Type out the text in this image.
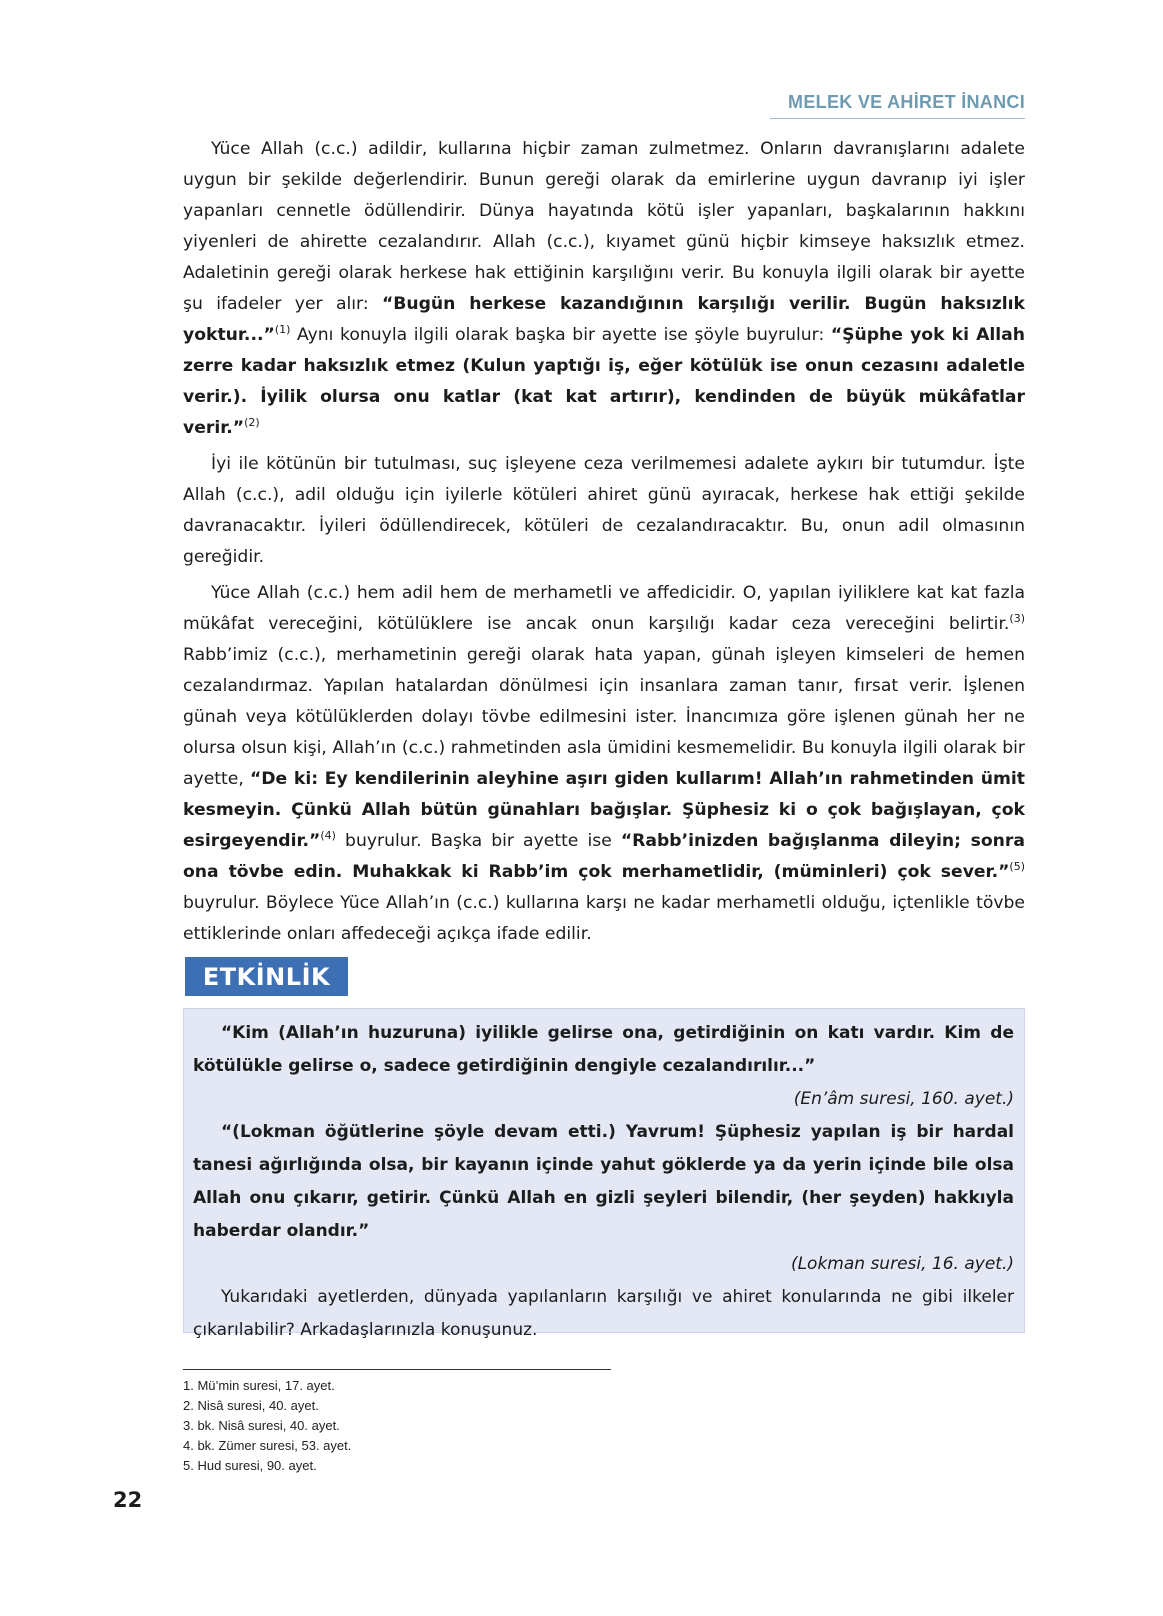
MELEK VE AHİRET İNANCI

Yüce Allah (c.c.) adildir, kullarına hiçbir zaman zulmetmez. Onların davranışlarını adalete uygun bir şekilde değerlendirir. Bunun gereği olarak da emirlerine uygun davranıp iyi işler yapanları cennetle ödüllendirir. Dünya hayatında kötü işler yapanları, başkalarının hakkını yiyenleri de ahirette cezalandırır. Allah (c.c.), kıyamet günü hiçbir kimseye haksızlık etmez. Adaletinin gereği olarak herkese hak ettiğinin karşılığını verir. Bu konuyla ilgili olarak bir ayette şu ifadeler yer alır: “Bugün herkese kazandığının karşılığı verilir. Bugün haksızlık yoktur...”$^{(1)}$ Aynı konuyla ilgili olarak başka bir ayette ise şöyle buyrulur: “Şüphe yok ki Allah zerre kadar haksızlık etmez (Kulun yaptığı iş, eğer kötülük ise onun cezasını adaletle verir.). İyilik olursa onu katlar (kat kat artırır), kendinden de büyük mükâfatlar verir.”$^{(2)}$

İyi ile kötünün bir tutulması, suç işleyene ceza verilmemesi adalete aykırı bir tutumdur. İşte Allah (c.c.), adil olduğu için iyilerle kötüleri ahiret günü ayıracak, herkese hak ettiği şekilde davranacaktır. İyileri ödüllendirecek, kötüleri de cezalandıracaktır. Bu, onun adil olmasının gereğidir.

Yüce Allah (c.c.) hem adil hem de merhametli ve affedicidir. O, yapılan iyiliklere kat kat fazla mükâfat vereceğini, kötülüklere ise ancak onun karşılığı kadar ceza vereceğini belirtir.$^{(3)}$ Rabb’imiz (c.c.), merhametinin gereği olarak hata yapan, günah işleyen kimseleri de hemen cezalandırmaz. Yapılan hatalardan dönülmesi için insanlara zaman tanır, fırsat verir. İşlenen günah veya kötülüklerden dolayı tövbe edilmesini ister. İnancımıza göre işlenen günah her ne olursa olsun kişi, Allah’ın (c.c.) rahmetinden asla ümidini kesmemelidir. Bu konuyla ilgili olarak bir ayette, “De ki: Ey kendilerinin aleyhine aşırı giden kullarım! Allah’ın rahmetinden ümit kesmeyin. Çünkü Allah bütün günahları bağışlar. Şüphesiz ki o çok bağışlayan, çok esirgeyendir.”$^{(4)}$ buyrulur. Başka bir ayette ise “Rabb’inizden bağışlanma dileyin; sonra ona tövbe edin. Muhakkak ki Rabb’im çok merhametlidir, (müminleri) çok sever.”$^{(5)}$ buyrulur. Böylece Yüce Allah’ın (c.c.) kullarına karşı ne kadar merhametli olduğu, içtenlikle tövbe ettiklerinde onları affedeceği açıkça ifade edilir.

ETKİNLİK

“Kim (Allah’ın huzuruna) iyilikle gelirse ona, getirdiğinin on katı vardır. Kim de kötülükle gelirse o, sadece getirdiğinin dengiyle cezalandırılır...”

(En’âm suresi, 160. ayet.)

“(Lokman öğütlerine şöyle devam etti.) Yavrum! Şüphesiz yapılan iş bir hardal tanesi ağırlığında olsa, bir kayanın içinde yahut göklerde ya da yerin içinde bile olsa Allah onu çıkarır, getirir. Çünkü Allah en gizli şeyleri bilendir, (her şeyden) hakkıyla haberdar olandır.”

(Lokman suresi, 16. ayet.)

Yukarıdaki ayetlerden, dünyada yapılanların karşılığı ve ahiret konularında ne gibi ilkeler çıkarılabilir? Arkadaşlarınızla konuşunuz.

1. Mü’min suresi, 17. ayet.
2. Nisâ suresi, 40. ayet.
3. bk. Nisâ suresi, 40. ayet.
4. bk. Zümer suresi, 53. ayet.
5. Hud suresi, 90. ayet.
22
